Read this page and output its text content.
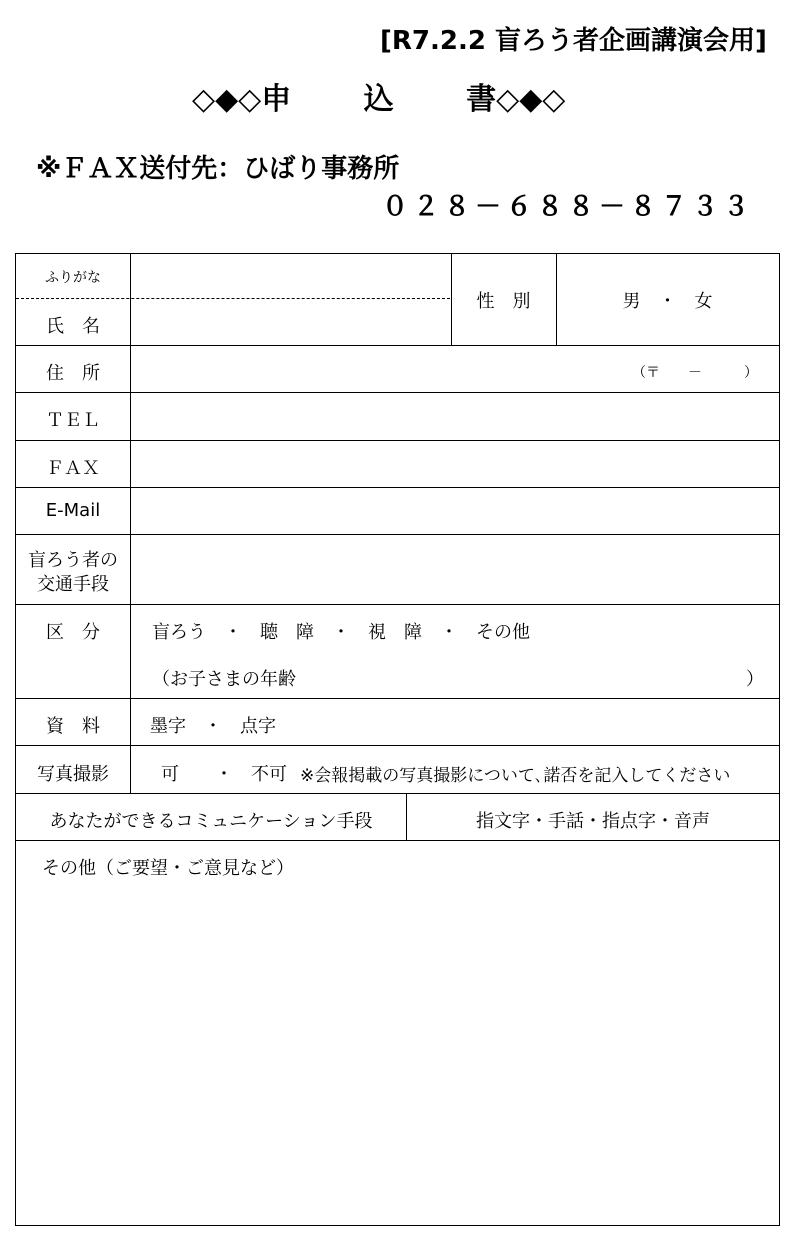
[R7.2.2 盲ろう者企画講演会用]
◇◆◇申 込 書◇◆◇
※ＦＡＸ送付先：ひばり事務所
０２８－６８８－８７３３
ふりがな
氏　名
性　別	男　・　女
住　所	（〒　　－　　　）
ＴＥＬ
ＦＡＸ
E-Mail
盲ろう者の
交通手段
区　分	盲ろう　・　聴　障　・　視　障　・　その他
（お子さまの年齢	）
資　料	墨字　・　点字
写真撮影	可　　・　不可 ※会報掲載の写真撮影について､諾否を記入してください
あなたができるコミュニケーション手段	指文字・手話・指点字・音声
その他（ご要望・ご意見など）
